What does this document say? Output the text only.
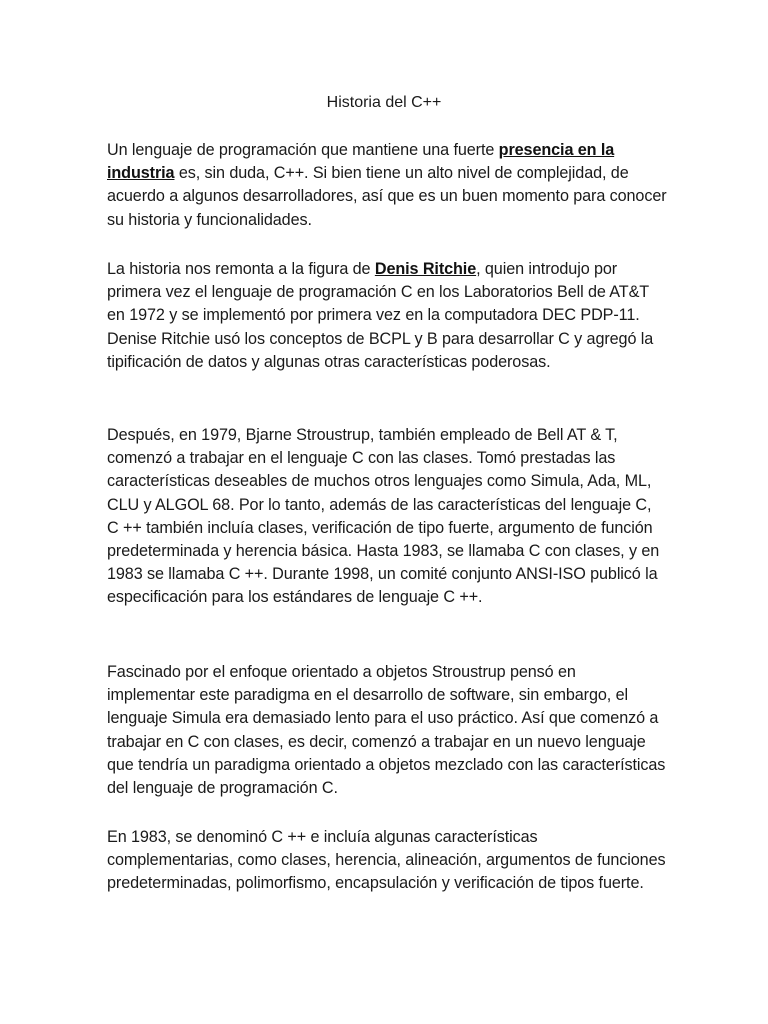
Historia del C++

Un lenguaje de programación que mantiene una fuerte presencia en la industria es, sin duda, C++. Si bien tiene un alto nivel de complejidad, de acuerdo a algunos desarrolladores, así que es un buen momento para conocer su historia y funcionalidades.

La historia nos remonta a la figura de Denis Ritchie, quien introdujo por primera vez el lenguaje de programación C en los Laboratorios Bell de AT&T en 1972 y se implementó por primera vez en la computadora DEC PDP-11. Denise Ritchie usó los conceptos de BCPL y B para desarrollar C y agregó la tipificación de datos y algunas otras características poderosas.

Después, en 1979, Bjarne Stroustrup, también empleado de Bell AT & T, comenzó a trabajar en el lenguaje C con las clases. Tomó prestadas las características deseables de muchos otros lenguajes como Simula, Ada, ML, CLU y ALGOL 68. Por lo tanto, además de las características del lenguaje C, C ++ también incluía clases, verificación de tipo fuerte, argumento de función predeterminada y herencia básica. Hasta 1983, se llamaba C con clases, y en 1983 se llamaba C ++. Durante 1998, un comité conjunto ANSI-ISO publicó la especificación para los estándares de lenguaje C ++.

Fascinado por el enfoque orientado a objetos Stroustrup pensó en implementar este paradigma en el desarrollo de software, sin embargo, el lenguaje Simula era demasiado lento para el uso práctico. Así que comenzó a trabajar en C con clases, es decir, comenzó a trabajar en un nuevo lenguaje que tendría un paradigma orientado a objetos mezclado con las características del lenguaje de programación C.

En 1983, se denominó C ++ e incluía algunas características complementarias, como clases, herencia, alineación, argumentos de funciones predeterminadas, polimorfismo, encapsulación y verificación de tipos fuerte.
